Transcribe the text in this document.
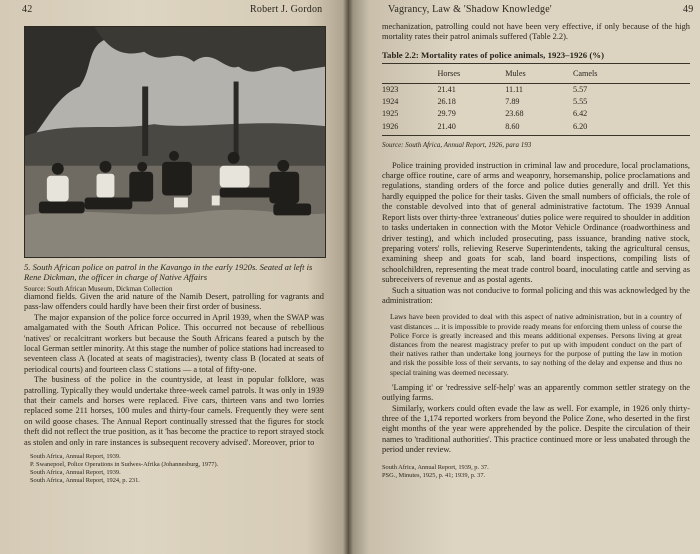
42	Robert J. Gordon
5. South African police on patrol in the Kavango in the early 1920s. Seated at left is Rene Dickman, the officer in charge of Native Affairs
Source: South African Museum, Dickman Collection

diamond fields. Given the arid nature of the Namib Desert, patrolling for vagrants and pass-law offenders could hardly have been their first order of business.

The major expansion of the police force occurred in April 1939, when the SWAP was amalgamated with the South African Police. This occurred not because of rebellious 'natives' or recalcitrant workers but because the South Africans feared a putsch by the local German settler minority. At this stage the number of police stations had increased to seventeen class A (located at seats of magistracies), twenty class B (located at seats of periodical courts) and fourteen class C stations — a total of fifty-one.

The business of the police in the countryside, at least in popular folklore, was patrolling. Typically they would undertake three-week camel patrols. It was only in 1939 that their camels and horses were replaced. Five cars, thirteen vans and two lorries replaced some 211 horses, 100 mules and thirty-four camels. Frequently they were sent on wild goose chases. The Annual Report continually stressed that the figures for stock theft did not reflect the true position, as it 'has become the practice to report strayed stock as stolen and only in rare instances is subsequent recovery advised'. Moreover, prior to

South Africa, Annual Report, 1939.
P. Swanepoel, Police Operations in Sudwes-Afrika (Johannesburg, 1977).
South Africa, Annual Report, 1939.
South Africa, Annual Report, 1924, p. 231.
Vagrancy, Law & 'Shadow Knowledge'	49

mechanization, patrolling could not have been very effective, if only because of the high mortality rates their patrol animals suffered (Table 2.2).

Table 2.2: Mortality rates of police animals, 1923–1926 (%)
	Horses	Mules	Camels
1923	21.41	11.11	5.57
1924	26.18	7.89	5.55
1925	29.79	23.68	6.42
1926	21.40	8.60	6.20
Source: South Africa, Annual Report, 1926, para 193

Police training provided instruction in criminal law and procedure, local proclamations, charge office routine, care of arms and weaponry, horsemanship, police proclamations and regulations, standing orders of the force and police duties generally and drill. Yet this hardly equipped the police for their tasks. Given the small numbers of officials, the role of the constable devolved into that of general administrative factotum. The 1939 Annual Report lists over thirty-three 'extraneous' duties police were required to shoulder in addition to tasks undertaken in connection with the Motor Vehicle Ordinance (roadworthiness and driver testing), and which included prosecuting, pass issuance, branding native stock, preparing voters' rolls, relieving Reserve Superintendents, taking the agricultural census, examining sheep and goats for scab, land board inspections, compiling lists of schoolchildren, representing the meat trade control board, inoculating cattle and serving as subreceivers of revenue and as postal agents.

Such a situation was not conducive to formal policing and this was acknowledged by the administration:

Laws have been provided to deal with this aspect of native administration, but in a country of vast distances ... it is impossible to provide ready means for enforcing them unless of course the Police Force is greatly increased and this means additional expenses. Persons living at great distances from the nearest magistracy prefer to put up with impudent conduct on the part of their natives rather than undertake long journeys for the purpose of putting the law in motion and risk the possible loss of their servants, to say nothing of the delay and expense and thus no special training was deemed necessary.

'Lamping it' or 'redressive self-help' was an apparently common settler strategy on the outlying farms.

Similarly, workers could often evade the law as well. For example, in 1926 only thirty-three of the 1,174 reported workers from beyond the Police Zone, who deserted in the first eight months of the year were apprehended by the police. Despite the circulation of their names to 'traditional authorities'. This practice continued more or less unabated through the period under review.

South Africa, Annual Report, 1939, p. 37.
PSG., Minutes, 1925, p. 41; 1939, p. 37.
